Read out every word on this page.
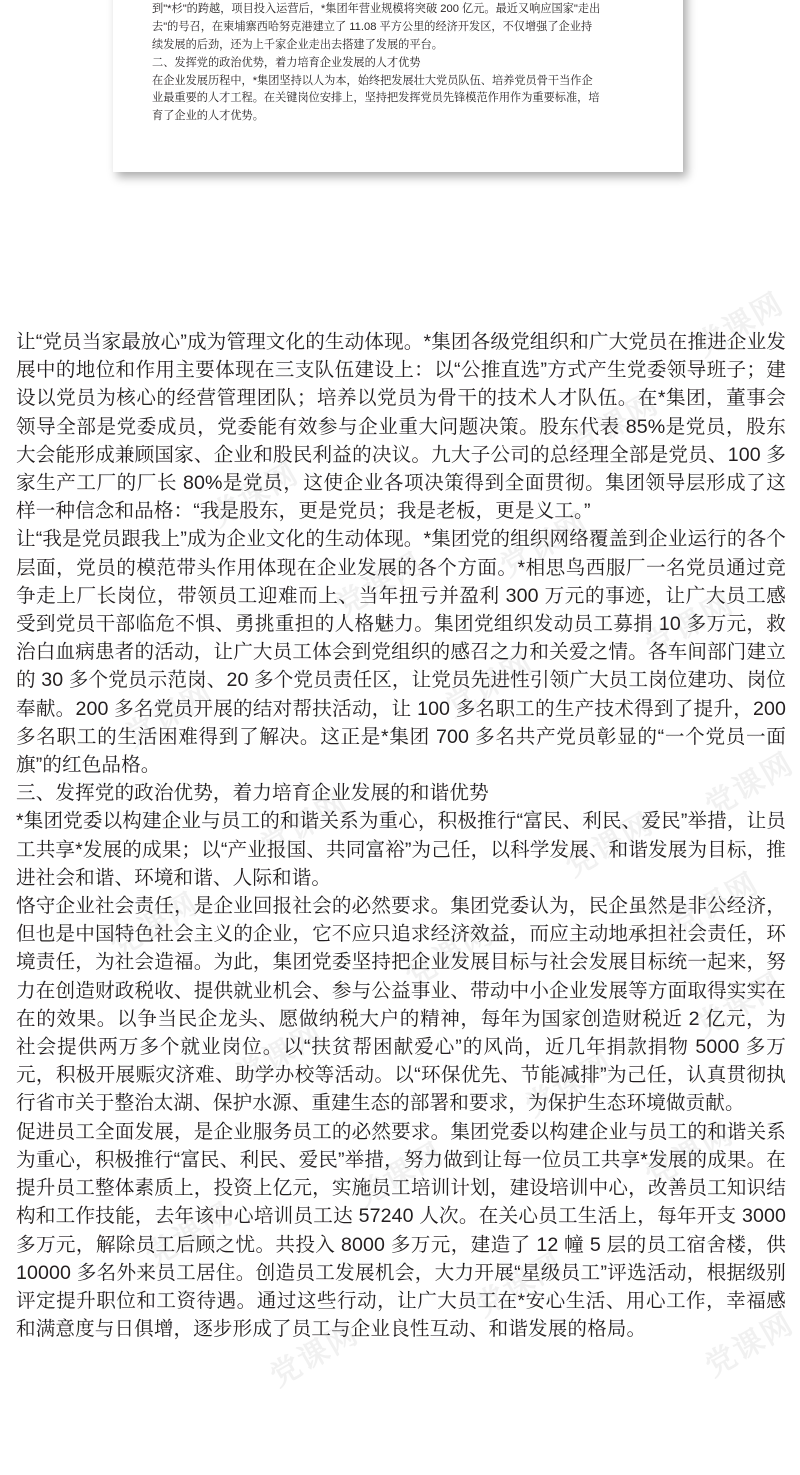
党课网
党课网
党课网
党课网
党课网
党课网
党课网	党课网
党课网
党课网	党课网
党课网
党课网	党课网
党课网
党课网	党课网
党课网	党课网
党课网
党课网
党课网
党课网
到"*杉"的跨越，项目投入运营后，*集团年营业规模将突破 200 亿元。最近又响应国家"走出
去"的号召，在柬埔寨西哈努克港建立了 11.08 平方公里的经济开发区，不仅增强了企业持
续发展的后劲，还为上千家企业走出去搭建了发展的平台。
二、发挥党的政治优势，着力培育企业发展的人才优势
在企业发展历程中，*集团坚持以人为本，始终把发展壮大党员队伍、培养党员骨干当作企
业最重要的人才工程。在关键岗位安排上，坚持把发挥党员先锋模范作用作为重要标准，培
育了企业的人才优势。

让“党员当家最放心”成为管理文化的生动体现。*集团各级党组织和广大党员在推进企业发展中的地位和作用主要体现在三支队伍建设上：以“公推直选”方式产生党委领导班子；建设以党员为核心的经营管理团队；培养以党员为骨干的技术人才队伍。在*集团，董事会领导全部是党委成员，党委能有效参与企业重大问题决策。股东代表 85%是党员，股东大会能形成兼顾国家、企业和股民利益的决议。九大子公司的总经理全部是党员、100 多家生产工厂的厂长 80%是党员，这使企业各项决策得到全面贯彻。集团领导层形成了这样一种信念和品格：“我是股东，更是党员；我是老板，更是义工。”

让“我是党员跟我上”成为企业文化的生动体现。*集团党的组织网络覆盖到企业运行的各个层面，党员的模范带头作用体现在企业发展的各个方面。*相思鸟西服厂一名党员通过竞争走上厂长岗位，带领员工迎难而上、当年扭亏并盈利 300 万元的事迹，让广大员工感受到党员干部临危不惧、勇挑重担的人格魅力。集团党组织发动员工募捐 10 多万元，救治白血病患者的活动，让广大员工体会到党组织的感召之力和关爱之情。各车间部门建立的 30 多个党员示范岗、20 多个党员责任区，让党员先进性引领广大员工岗位建功、岗位奉献。200 多名党员开展的结对帮扶活动，让 100 多名职工的生产技术得到了提升，200 多名职工的生活困难得到了解决。这正是*集团 700 多名共产党员彰显的“一个党员一面旗”的红色品格。

三、发挥党的政治优势，着力培育企业发展的和谐优势

*集团党委以构建企业与员工的和谐关系为重心，积极推行“富民、利民、爱民”举措，让员工共享*发展的成果；以“产业报国、共同富裕”为己任，以科学发展、和谐发展为目标，推进社会和谐、环境和谐、人际和谐。

恪守企业社会责任，是企业回报社会的必然要求。集团党委认为，民企虽然是非公经济，但也是中国特色社会主义的企业，它不应只追求经济效益，而应主动地承担社会责任，环境责任，为社会造福。为此，集团党委坚持把企业发展目标与社会发展目标统一起来，努力在创造财政税收、提供就业机会、参与公益事业、带动中小企业发展等方面取得实实在在的效果。以争当民企龙头、愿做纳税大户的精神，每年为国家创造财税近 2 亿元，为社会提供两万多个就业岗位。以“扶贫帮困献爱心”的风尚，近几年捐款捐物 5000 多万元，积极开展赈灾济难、助学办校等活动。以“环保优先、节能减排”为己任，认真贯彻执行省市关于整治太湖、保护水源、重建生态的部署和要求，为保护生态环境做贡献。

促进员工全面发展，是企业服务员工的必然要求。集团党委以构建企业与员工的和谐关系为重心，积极推行“富民、利民、爱民”举措，努力做到让每一位员工共享*发展的成果。在提升员工整体素质上，投资上亿元，实施员工培训计划，建设培训中心，改善员工知识结构和工作技能，去年该中心培训员工达 57240 人次。在关心员工生活上，每年开支 3000 多万元，解除员工后顾之忧。共投入 8000 多万元，建造了 12 幢 5 层的员工宿舍楼，供 10000 多名外来员工居住。创造员工发展机会，大力开展“星级员工”评选活动，根据级别评定提升职位和工资待遇。通过这些行动，让广大员工在*安心生活、用心工作，幸福感和满意度与日俱增，逐步形成了员工与企业良性互动、和谐发展的格局。
